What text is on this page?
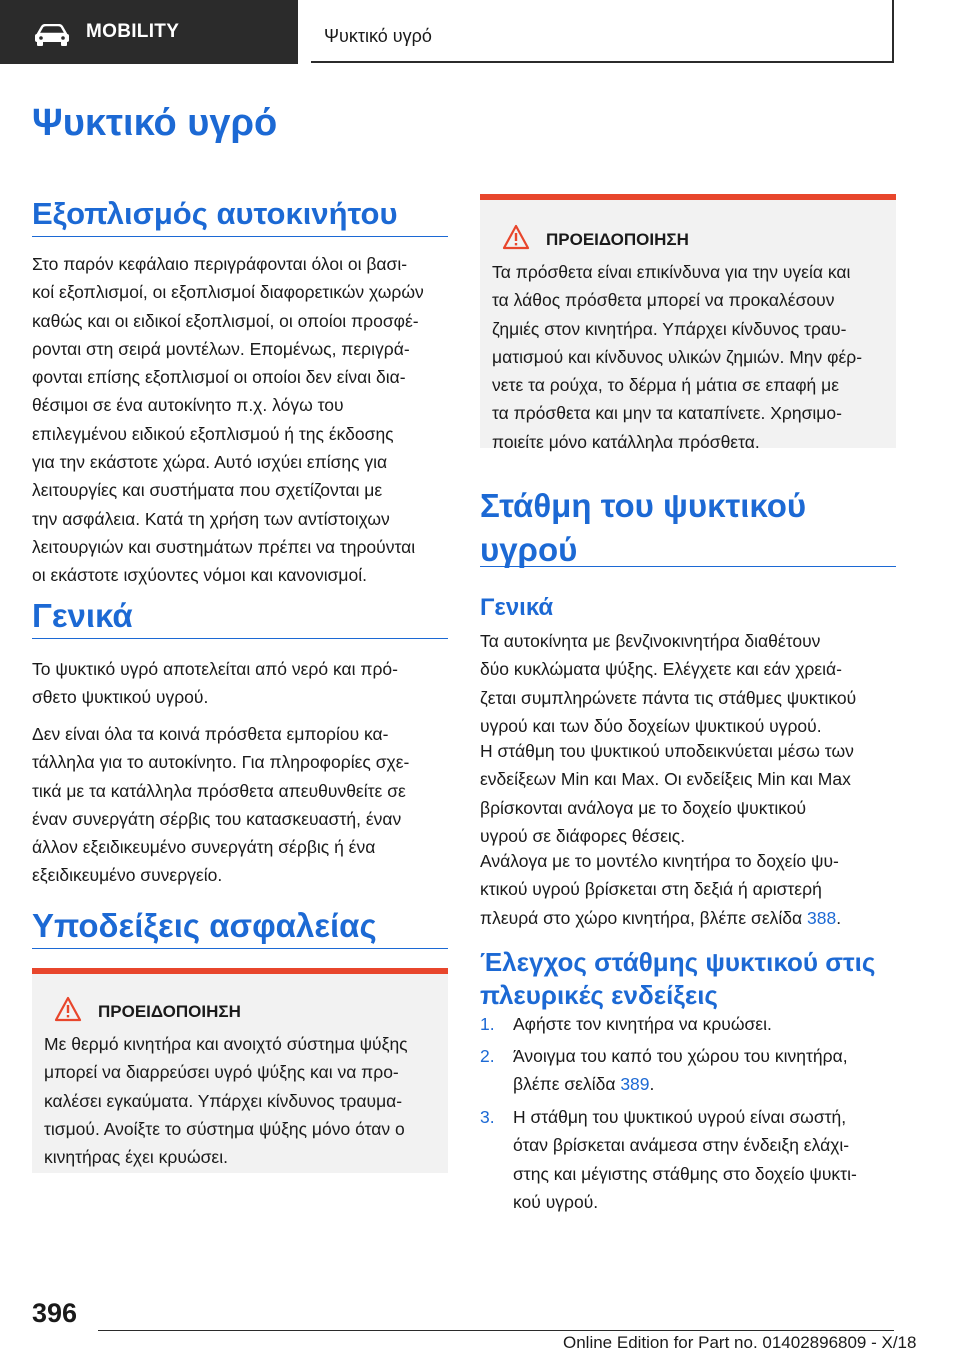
MOBILITY	Ψυκτικό υγρό
Ψυκτικό υγρό
Εξοπλισμός αυτοκινήτου
Στο παρόν κεφάλαιο περιγράφονται όλοι οι βασι-
κοί εξοπλισμοί, οι εξοπλισμοί διαφορετικών χωρών
καθώς και οι ειδικοί εξοπλισμοί, οι οποίοι προσφέ-
ρονται στη σειρά μοντέλων. Επομένως, περιγρά-
φονται επίσης εξοπλισμοί οι οποίοι δεν είναι δια-
θέσιμοι σε ένα αυτοκίνητο π.χ. λόγω του
επιλεγμένου ειδικού εξοπλισμού ή της έκδοσης
για την εκάστοτε χώρα. Αυτό ισχύει επίσης για
λειτουργίες και συστήματα που σχετίζονται με
την ασφάλεια. Κατά τη χρήση των αντίστοιχων
λειτουργιών και συστημάτων πρέπει να τηρούνται
οι εκάστοτε ισχύοντες νόμοι και κανονισμοί.
Γενικά
Το ψυκτικό υγρό αποτελείται από νερό και πρό-
σθετο ψυκτικού υγρού.
Δεν είναι όλα τα κοινά πρόσθετα εμπορίου κα-
τάλληλα για το αυτοκίνητο. Για πληροφορίες σχε-
τικά με τα κατάλληλα πρόσθετα απευθυνθείτε σε
έναν συνεργάτη σέρβις του κατασκευαστή, έναν
άλλον εξειδικευμένο συνεργάτη σέρβις ή ένα
εξειδικευμένο συνεργείο.
Υποδείξεις ασφαλείας
ΠΡΟΕΙΔΟΠΟΙΗΣΗ
Με θερμό κινητήρα και ανοιχτό σύστημα ψύξης
μπορεί να διαρρεύσει υγρό ψύξης και να προ-
καλέσει εγκαύματα. Υπάρχει κίνδυνος τραυμα-
τισμού. Ανοίξτε το σύστημα ψύξης μόνο όταν ο
κινητήρας έχει κρυώσει.
ΠΡΟΕΙΔΟΠΟΙΗΣΗ
Τα πρόσθετα είναι επικίνδυνα για την υγεία και
τα λάθος πρόσθετα μπορεί να προκαλέσουν
ζημιές στον κινητήρα. Υπάρχει κίνδυνος τραυ-
ματισμού και κίνδυνος υλικών ζημιών. Μην φέρ-
νετε τα ρούχα, το δέρμα ή μάτια σε επαφή με
τα πρόσθετα και μην τα καταπίνετε. Χρησιμο-
ποιείτε μόνο κατάλληλα πρόσθετα.
Στάθμη του ψυκτικού
υγρού
Γενικά
Τα αυτοκίνητα με βενζινοκινητήρα διαθέτουν
δύο κυκλώματα ψύξης. Ελέγχετε και εάν χρειά-
ζεται συμπληρώνετε πάντα τις στάθμες ψυκτικού
υγρού και των δύο δοχείων ψυκτικού υγρού.
Η στάθμη του ψυκτικού υποδεικνύεται μέσω των
ενδείξεων Min και Max. Οι ενδείξεις Min και Max
βρίσκονται ανάλογα με το δοχείο ψυκτικού
υγρού σε διάφορες θέσεις.
Ανάλογα με το μοντέλο κινητήρα το δοχείο ψυ-
κτικού υγρού βρίσκεται στη δεξιά ή αριστερή
πλευρά στο χώρο κινητήρα, βλέπε σελίδα 388.
Έλεγχος στάθμης ψυκτικού στις
πλευρικές ενδείξεις
1. Αφήστε τον κινητήρα να κρυώσει.
2. Άνοιγμα του καπό του χώρου του κινητήρα,
βλέπε σελίδα 389.
3. Η στάθμη του ψυκτικού υγρού είναι σωστή,
όταν βρίσκεται ανάμεσα στην ένδειξη ελάχι-
στης και μέγιστης στάθμης στο δοχείο ψυκτι-
κού υγρού.
396
Online Edition for Part no. 01402896809 - X/18
